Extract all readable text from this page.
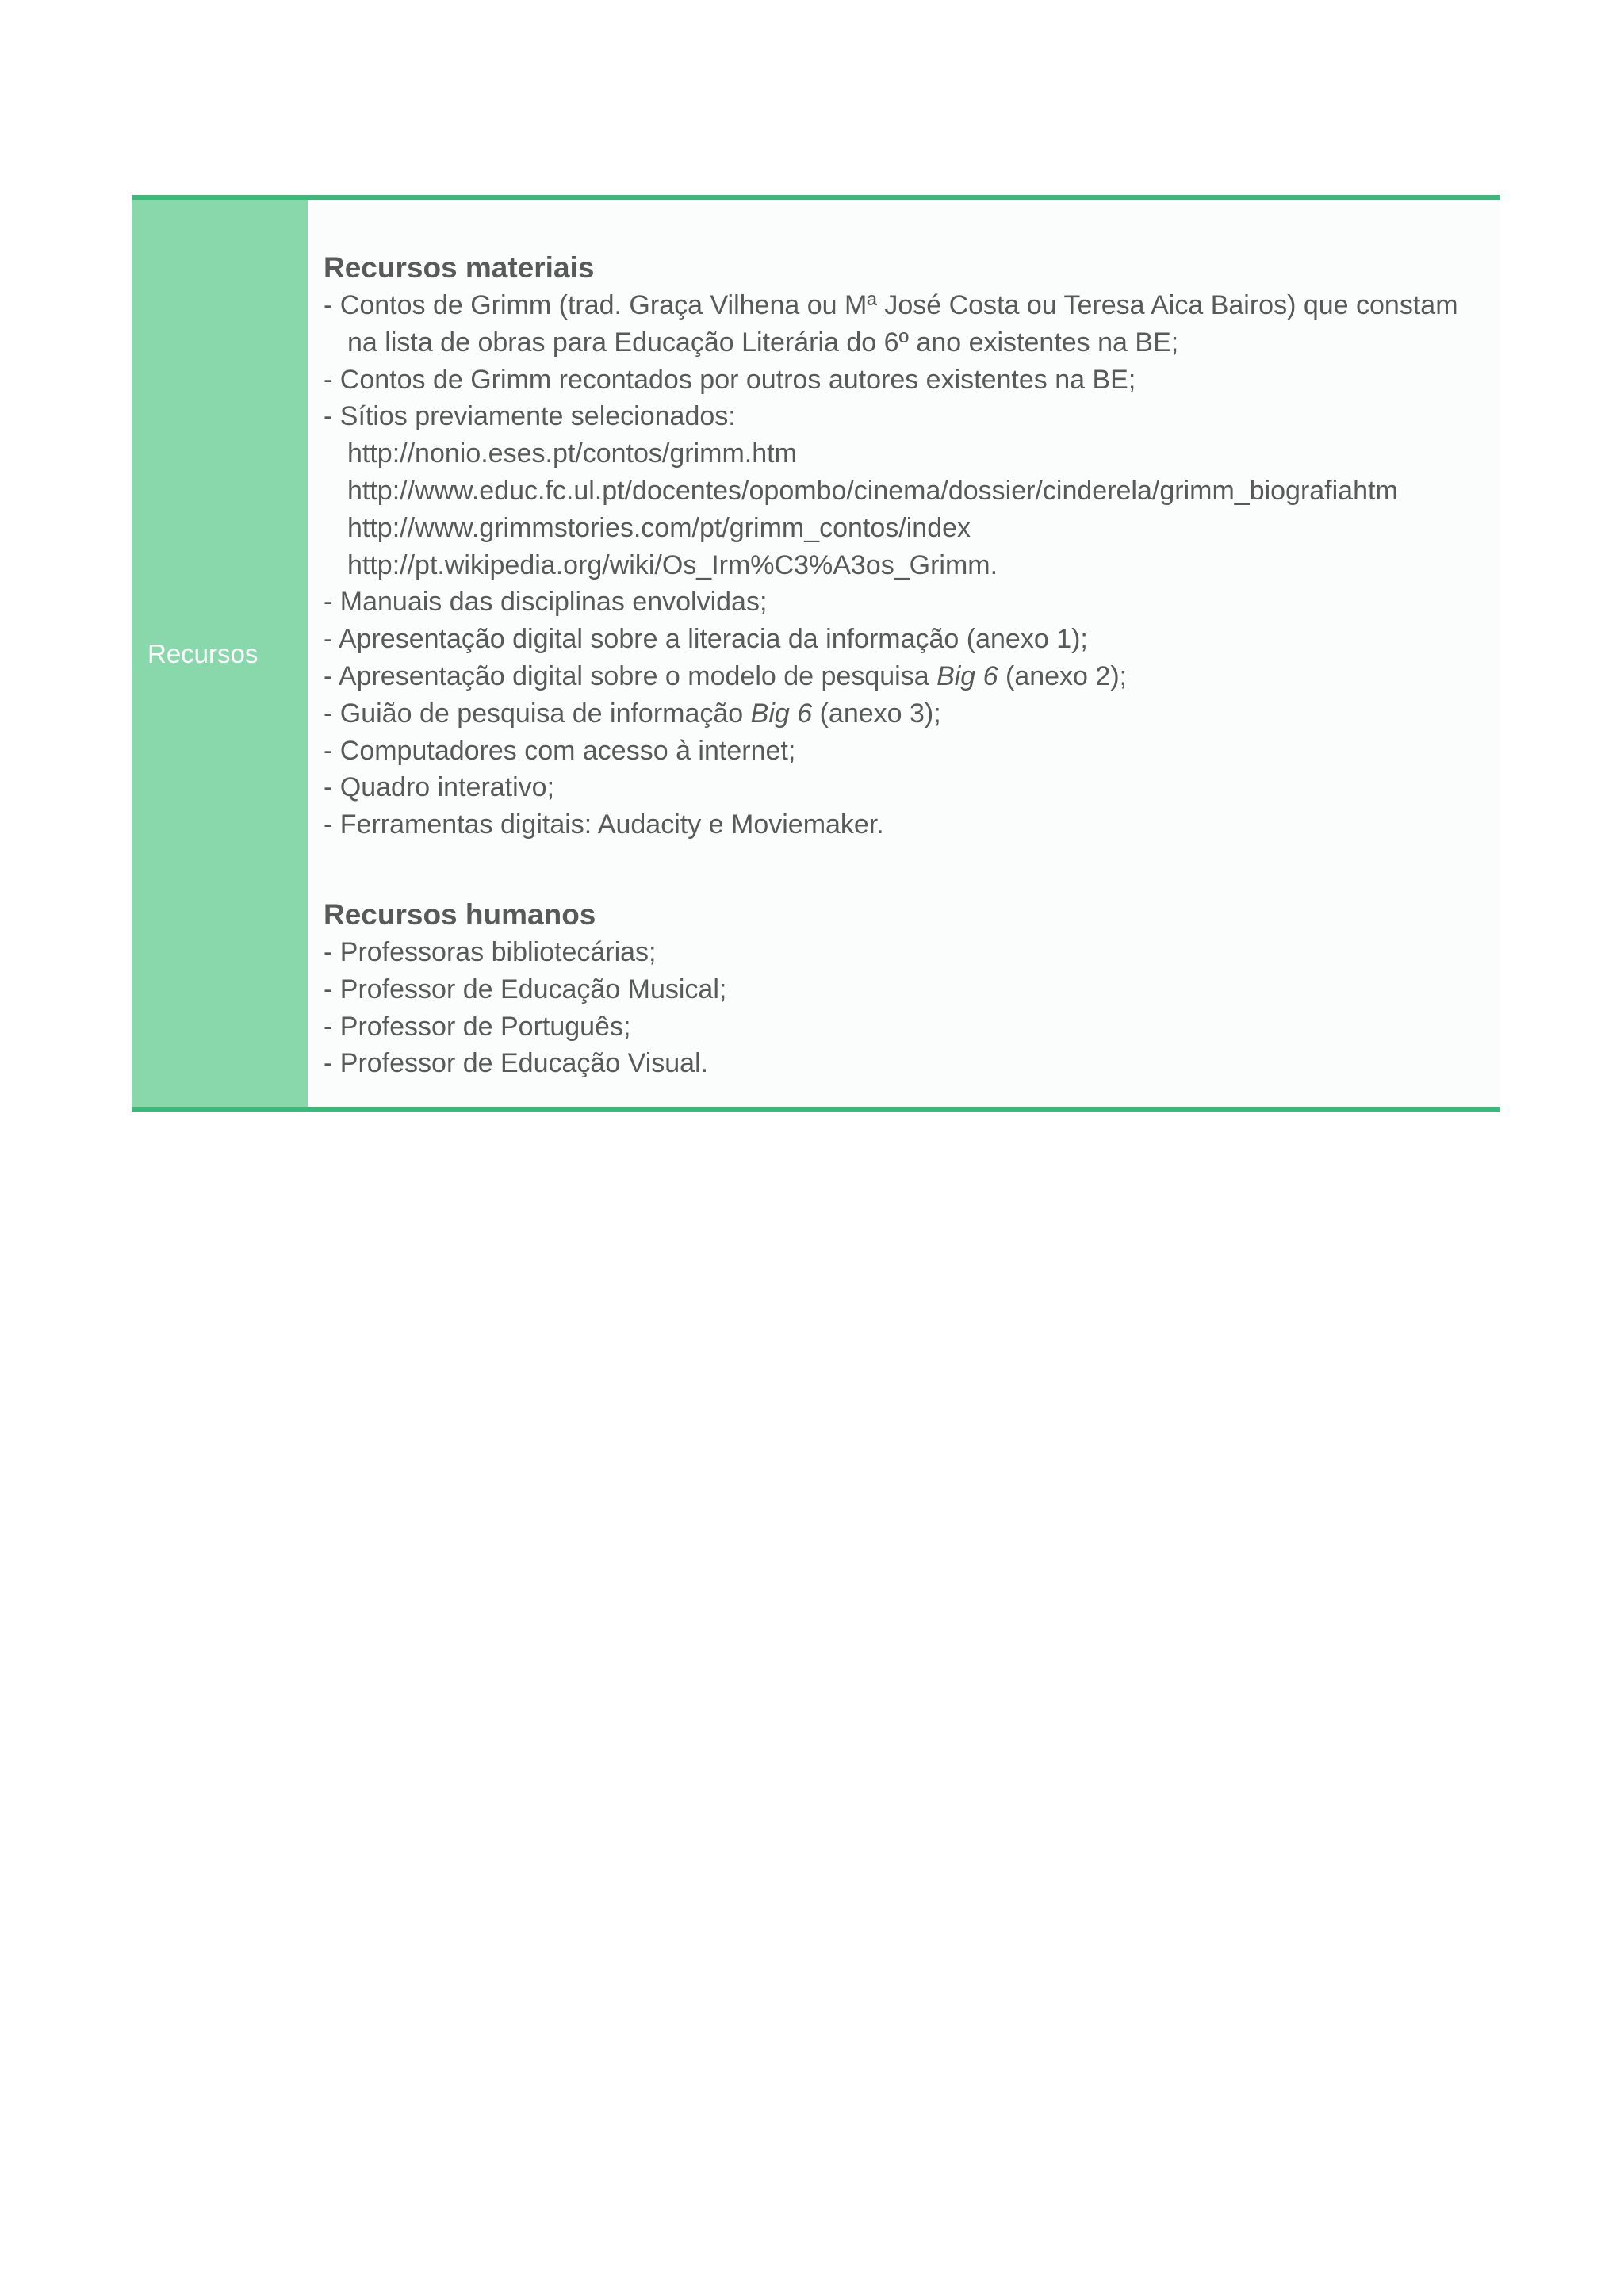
Recursos

Recursos materiais

- Contos de Grimm (trad. Graça Vilhena ou Mª José Costa ou Teresa Aica Bairos) que constam

na lista de obras para Educação Literária do 6º ano existentes na BE;

- Contos de Grimm recontados por outros autores existentes na BE;

- Sítios previamente selecionados:

http://nonio.eses.pt/contos/grimm.htm

http://www.educ.fc.ul.pt/docentes/opombo/cinema/dossier/cinderela/grimm_biografiahtm

http://www.grimmstories.com/pt/grimm_contos/index

http://pt.wikipedia.org/wiki/Os_Irm%C3%A3os_Grimm.

- Manuais das disciplinas envolvidas;

- Apresentação digital sobre a literacia da informação (anexo 1);

- Apresentação digital sobre o modelo de pesquisa Big 6 (anexo 2);

- Guião de pesquisa de informação Big 6 (anexo 3);

- Computadores com acesso à internet;

- Quadro interativo;

- Ferramentas digitais: Audacity e Moviemaker.

Recursos humanos

- Professoras bibliotecárias;

- Professor de Educação Musical;

- Professor de Português;

- Professor de Educação Visual.
